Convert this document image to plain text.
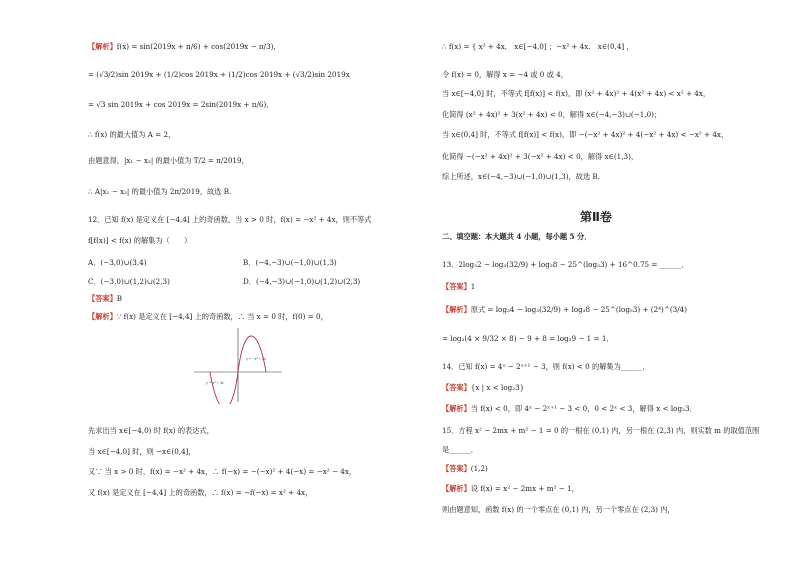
【解析】f(x) = sin(2019x + π/6) + cos(2019x − π/3),
= (√3/2)sin 2019x + (1/2)cos 2019x + (1/2)cos 2019x + (√3/2)sin 2019x
= √3 sin 2019x + cos 2019x = 2sin(2019x + π/6),
∴ f(x) 的最大值为 A = 2，
由题意得，|x₁ − x₂| 的最小值为 T/2 = π/2019，
∴ A|x₁ − x₂| 的最小值为 2π/2019，故选 B.
12．已知 f(x) 是定义在 [−4,4] 上的奇函数，当 x > 0 时，f(x) = −x² + 4x，则不等式
f[f(x)] < f(x) 的解集为（　　）
A．(−3,0)∪(3,4)	B．(−4,−3)∪(−1,0)∪(1,3)
C．(−3,0)∪(1,2)∪(2,3)	D．(−4,−3)∪(−1,0)∪(1,2)∪(2,3)
【答案】B
【解析】∵ f(x) 是定义在 [−4,4] 上的奇函数，∴ 当 x = 0 时，f(0) = 0，
y = −x² + 4x
y = x² + 4x
先求出当 x∈[−4,0) 时 f(x) 的表达式，
当 x∈[−4,0] 时，则 −x∈(0,4]，
又∵ 当 x > 0 时，f(x) = −x² + 4x，∴ f(−x) = −(−x)² + 4(−x) = −x² − 4x，
又 f(x) 是定义在 [−4,4] 上的奇函数，∴ f(x) = −f(−x) = x² + 4x，
∴ f(x) = { x² + 4x,　x∈[−4,0] ；−x² + 4x,　x∈(0,4] ，
令 f(x) = 0，解得 x = −4 或 0 或 4，
当 x∈[−4,0] 时，不等式 f[f(x)] < f(x)，即 (x² + 4x)² + 4(x² + 4x) < x² + 4x，
化简得 (x² + 4x)² + 3(x² + 4x) < 0，解得 x∈(−4,−3)∪(−1,0)；
当 x∈(0,4] 时，不等式 f[f(x)] < f(x)，即 −(−x² + 4x)² + 4(−x² + 4x) < −x² + 4x，
化简得 −(−x² + 4x)² + 3(−x² + 4x) < 0，解得 x∈(1,3)，
综上所述，x∈(−4,−3)∪(−1,0)∪(1,3)，故选 B.
第Ⅱ卷
二、填空题：本大题共 4 小题，每小题 5 分．
13．2log₃2 − log₃(32/9) + log₃8 − 25^(log₅3) + 16^0.75 = ______．
【答案】1
【解析】原式 = log₃4 − log₃(32/9) + log₃8 − 25^(log₅3) + (2⁴)^(3/4)
= log₃(4 × 9/32 × 8) − 9 + 8 = log₃9 − 1 = 1．
14．已知 f(x) = 4ˣ − 2ˣ⁺¹ − 3，则 f(x) < 0 的解集为______．
【答案】{x | x < log₂3}
【解析】当 f(x) < 0，即 4ˣ − 2ˣ⁺¹ − 3 < 0，0 < 2ˣ < 3，解得 x < log₂3．
15．方程 x² − 2mx + m² − 1 = 0 的一根在 (0,1) 内，另一根在 (2,3) 内，则实数 m 的取值范围
是______．
【答案】(1,2)
【解析】设 f(x) = x² − 2mx + m² − 1，
则由题意知，函数 f(x) 的一个零点在 (0,1) 内，另一个零点在 (2,3) 内，
